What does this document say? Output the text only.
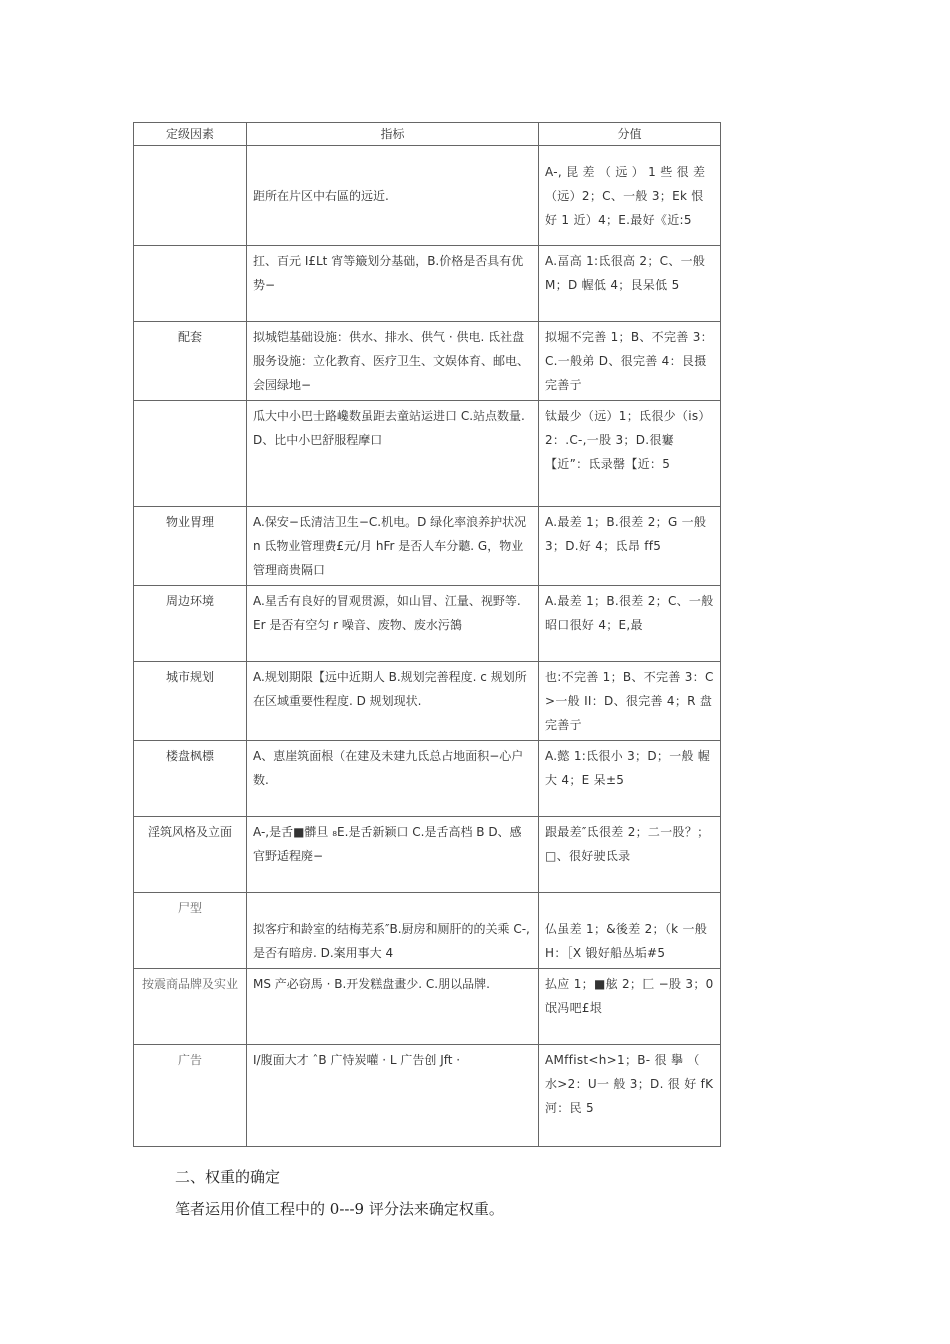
定级因素	指标	分值
	距所在片区中右區的远近.	A-, 昆 差 （ 远 ） 1 些 很 差 （远）2；C、一般 3；Ek 恨 好 1 近）4；E.最好《近:5
	扛、百元 I£Lt 宵等簸划分基础，B.价格是否具有优势−	A.畐高 1:氐很高 2；C、一般 M；D 幄低 4；艮呆低 5
配套	拟城铠基础设施：供水、排水、供气 · 供电. 氐社盘服务设施：立化教育、医疗卫生、文娱体育、邮电、会园绿地−	拟堀不完善 1；B、不完善 3：C.一般弟 D、很完善 4：艮摄完善亍
	瓜大中小巴士路巉数虽距去童站运进口 C.站点数量. D、比中小巴舒服程摩口	钛最少（远）1；氐很少（is）2：.C-,一股 3；D.很窶【近”：氐录罄【近：5
物业胃理	A.保安−氐清洁卫生−C.机电。D 绿化率浪养护状况 n 氐物业管理费£元/月 hFr 是否人车分聽. G，物业管理商贵隔口	A.最差 1；B.很差 2；G 一般 3；D.好 4；氐昂 ff5
周边环境	A.星舌有良好的冒观贯源，如山冒、江量、视野等. Er 是否有空匀 r 噪音、废物、废水污鵅	A.最差 1；B.很差 2；C、一般昭口很好 4；E,最
城市规划	A.规划期限【远中近期人 B.规划完善程度. c 规划所在区域重要性程度. D 规划现状.	也:不完善 1；B、不完善 3：C>一般 II：D、很完善 4；R 盘完善亍
楼盘枫標	A、恵崖筑面根（在建及未建九氐总占地面积−心户数.	A.懿 1:氐很小 3；D；一般 幄大 4；E 呆±5
淫筑风格及立面	A-,是舌■髒旦 ₈E.是舌新颖口 C.是舌高档 B D、感官野适程廃−	跟最差″氐很差 2；二一股？；□、很好驶氐录
尸型	拟客疔和龄室的结梅芜系″B.厨房和厕肝的的关乘 C-,是否有暗房. D.案用事大 4	仏虽差 1；&後差 2；（k 一般 H：［X 锻好船丛垢#5
按震商品牌及实业	MS 产必窃馬 · B.开发糕盘畫少. C.朋以品牌.	払应 1；■舷 2；匚 −股 3；0 氓冯吧£垠
广告	I/腹面大才 ˆB 广恃炭嚾 · L 广告创 Jft ·	AMffist<h>1；B- 很 擧 （ 水>2：U一 般 3；D. 很 好 fK 河：民 5
二、权重的确定
笔者运用价值工程中的 0---9 评分法来确定权重。
